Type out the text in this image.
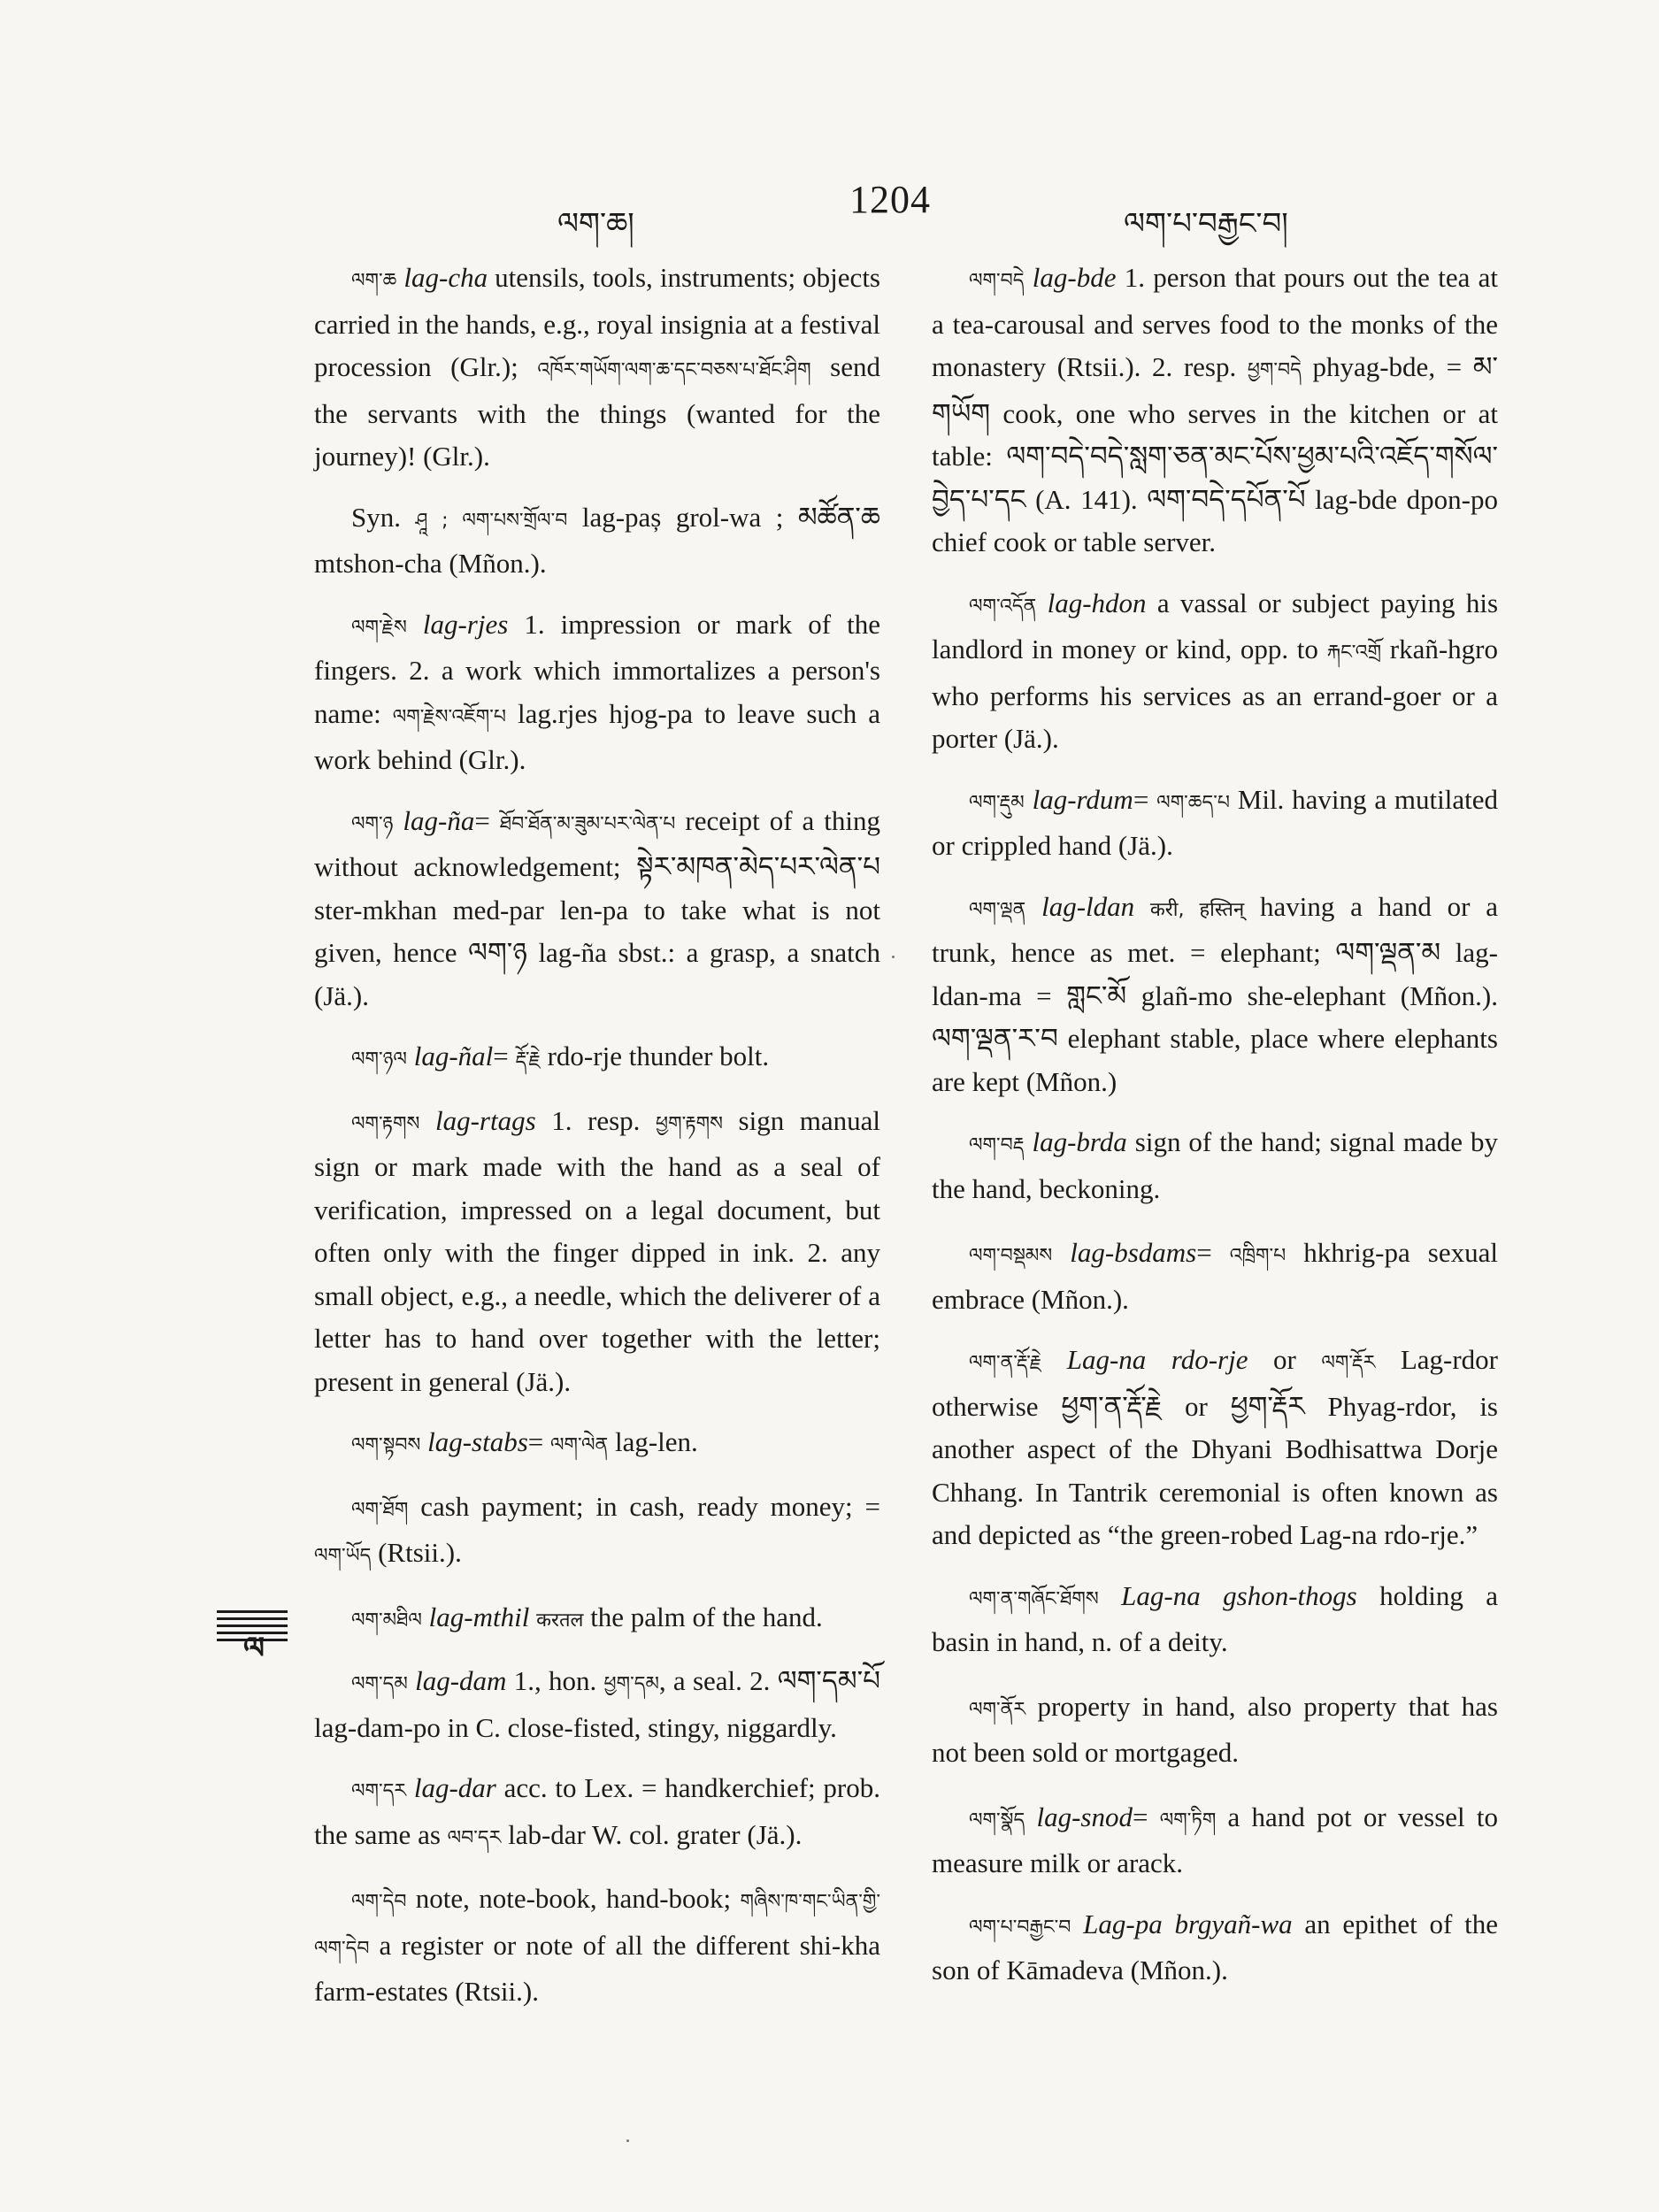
ལག་ཆ།
1204
ལག་པ་བརྒྱང་བ།

ལག་ཆ lag-cha utensils, tools, instruments; objects carried in the hands, e.g., royal insignia at a festival procession (Glr.); འཁོར་གཡོག་ལག་ཆ་དང་བཅས་པ་ཐོང་ཤིག send the servants with the things (wanted for the journey)! (Glr.).

Syn. ཤཱ ; ལག་པས་གྲོལ་བ lag-paș grol-wa ; མཚོན་ཆ mtshon-cha (Mñon.).

ལག་རྗེས lag-rjes 1. impression or mark of the fingers. 2. a work which immortalizes a person's name: ལག་རྗེས་འཇོག་པ lag.rjes hjog-pa to leave such a work behind (Glr.).

ལག་ཉ lag-ña= ཐོབ་ཐོན་མ་ཟུམ་པར་ལེན་པ receipt of a thing without acknowledgement; སྟེར་མཁན་མེད་པར་ལེན་པ ster-mkhan med-par len-pa to take what is not given, hence ལག་ཉ lag-ña sbst.: a grasp, a snatch (Jä.).

ལག་ཉལ lag-ñal= རྡོ་རྗེ rdo-rje thunder bolt.

ལག་རྟགས lag-rtags 1. resp. ཕྱག་རྟགས sign manual sign or mark made with the hand as a seal of verification, impressed on a legal document, but often only with the finger dipped in ink. 2. any small object, e.g., a needle, which the deliverer of a letter has to hand over together with the letter; present in general (Jä.).

ལག་སྟབས lag-stabs= ལག་ལེན lag-len.

ལག་ཐོག cash payment; in cash, ready money; = ལག་ཡོད (Rtsii.).

ལག་མཐིལ lag-mthil करतल the palm of the hand.

ལག་དམ lag-dam 1., hon. ཕྱག་དམ, a seal. 2. ལག་དམ་པོ lag-dam-po in C. close-fisted, stingy, niggardly.

ལག་དར lag-dar acc. to Lex. = handkerchief; prob. the same as ལབ་དར lab-dar W. col. grater (Jä.).

ལག་དེབ note, note-book, hand-book; གཞིས་ཁ་གང་ཡིན་གྱི་ལག་དེབ a register or note of all the different shi-kha farm-estates (Rtsii.).

ལག་བདེ lag-bde 1. person that pours out the tea at a tea-carousal and serves food to the monks of the monastery (Rtsii.). 2. resp. ཕྱག་བདེ phyag-bde, = མ་གཡོག cook, one who serves in the kitchen or at table: ལག་བདེ་བདེ་སླག་ཅན་མང་པོས་ཕྱམ་པའི་འཇོད་གསོལ་བྱེད་པ་དང (A. 141). ལག་བདེ་དཔོན་པོ lag-bde dpon-po chief cook or table server.

ལག་འདོན lag-hdon a vassal or subject paying his landlord in money or kind, opp. to རྐང་འགྲོ rkañ-hgro who performs his services as an errand-goer or a porter (Jä.).

ལག་རྡུམ lag-rdum= ལག་ཆད་པ Mil. having a mutilated or crippled hand (Jä.).

ལག་ལྡན lag-ldan करी, हस्तिन् having a hand or a trunk, hence as met. = elephant; ལག་ལྡན་མ lag-ldan-ma = གླང་མོ glañ-mo she-elephant (Mñon.). ལག་ལྡན་ར་བ elephant stable, place where elephants are kept (Mñon.)

ལག་བརྡ lag-brda sign of the hand; signal made by the hand, beckoning.

ལག་བསྡམས lag-bsdams= འཁྲིག་པ hkhrig-pa sexual embrace (Mñon.).

ལག་ན་རྡོ་རྗེ Lag-na rdo-rje or ལག་རྡོར Lag-rdor otherwise ཕྱག་ན་རྡོ་རྗེ or ཕྱག་རྡོར Phyag-rdor, is another aspect of the Dhyani Bodhisattwa Dorje Chhang. In Tantrik ceremonial is often known as and depicted as “the green-robed Lag-na rdo-rje.”

ལག་ན་གཞོང་ཐོགས Lag-na gshon-thogs holding a basin in hand, n. of a deity.

ལག་ནོར property in hand, also property that has not been sold or mortgaged.

ལག་སྣོད lag-snod= ལག་ཏིག a hand pot or vessel to measure milk or arack.

ལག་པ་བརྒྱང་བ Lag-pa brgyañ-wa an epithet of the son of Kāmadeva (Mñon.).

ལ
